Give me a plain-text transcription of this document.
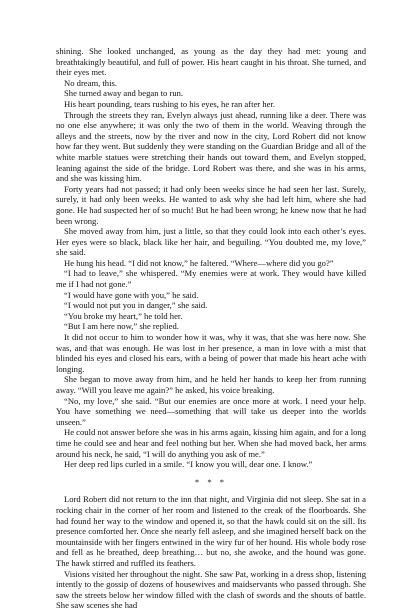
shining. She looked unchanged, as young as the day they had met: young and breathtakingly beautiful, and full of power. His heart caught in his throat. She turned, and their eyes met.

No dream, this.

She turned away and began to run.

His heart pounding, tears rushing to his eyes, he ran after her.

Through the streets they ran, Evelyn always just ahead, running like a deer. There was no one else anywhere; it was only the two of them in the world. Weaving through the alleys and the streets, now by the river and now in the city, Lord Robert did not know how far they went. But suddenly they were standing on the Guardian Bridge and all of the white marble statues were stretching their hands out toward them, and Evelyn stopped, leaning against the side of the bridge. Lord Robert was there, and she was in his arms, and she was kissing him.

Forty years had not passed; it had only been weeks since he had seen her last. Surely, surely, it had only been weeks. He wanted to ask why she had left him, where she had gone. He had suspected her of so much! But he had been wrong; he knew now that he had been wrong.

She moved away from him, just a little, so that they could look into each other’s eyes. Her eyes were so black, black like her hair, and beguiling. “You doubted me, my love,” she said.

He hung his head. “I did not know,” he faltered. “Where—where did you go?”

“I had to leave,” she whispered. “My enemies were at work. They would have killed me if I had not gone.”

“I would have gone with you,” he said.

“I would not put you in danger,” she said.

“You broke my heart,” he told her.

“But I am here now,” she replied.

It did not occur to him to wonder how it was, why it was, that she was here now. She was, and that was enough. He was lost in her presence, a man in love with a mist that blinded his eyes and closed his ears, with a being of power that made his heart ache with longing.

She began to move away from him, and he held her hands to keep her from running away. “Will you leave me again?” he asked, his voice breaking.

“No, my love,” she said. “But our enemies are once more at work. I need your help. You have something we need—something that will take us deeper into the worlds unseen.”

He could not answer before she was in his arms again, kissing him again, and for a long time he could see and hear and feel nothing but her. When she had moved back, her arms around his neck, he said, “I will do anything you ask of me.”

Her deep red lips curled in a smile. “I know you will, dear one. I know.”

* * *

Lord Robert did not return to the inn that night, and Virginia did not sleep. She sat in a rocking chair in the corner of her room and listened to the creak of the floorboards. She had found her way to the window and opened it, so that the hawk could sit on the sill. Its presence comforted her. Once she nearly fell asleep, and she imagined herself back on the mountainside with her fingers entwined in the wiry fur of her hound. His whole body rose and fell as he breathed, deep breathing… but no, she awoke, and the hound was gone. The hawk stirred and ruffled its feathers.

Visions visited her throughout the night. She saw Pat, working in a dress shop, listening intently to the gossip of dozens of housewives and maidservants who passed through. She saw the streets below her window filled with the clash of swords and the shouts of battle. She saw scenes she had
